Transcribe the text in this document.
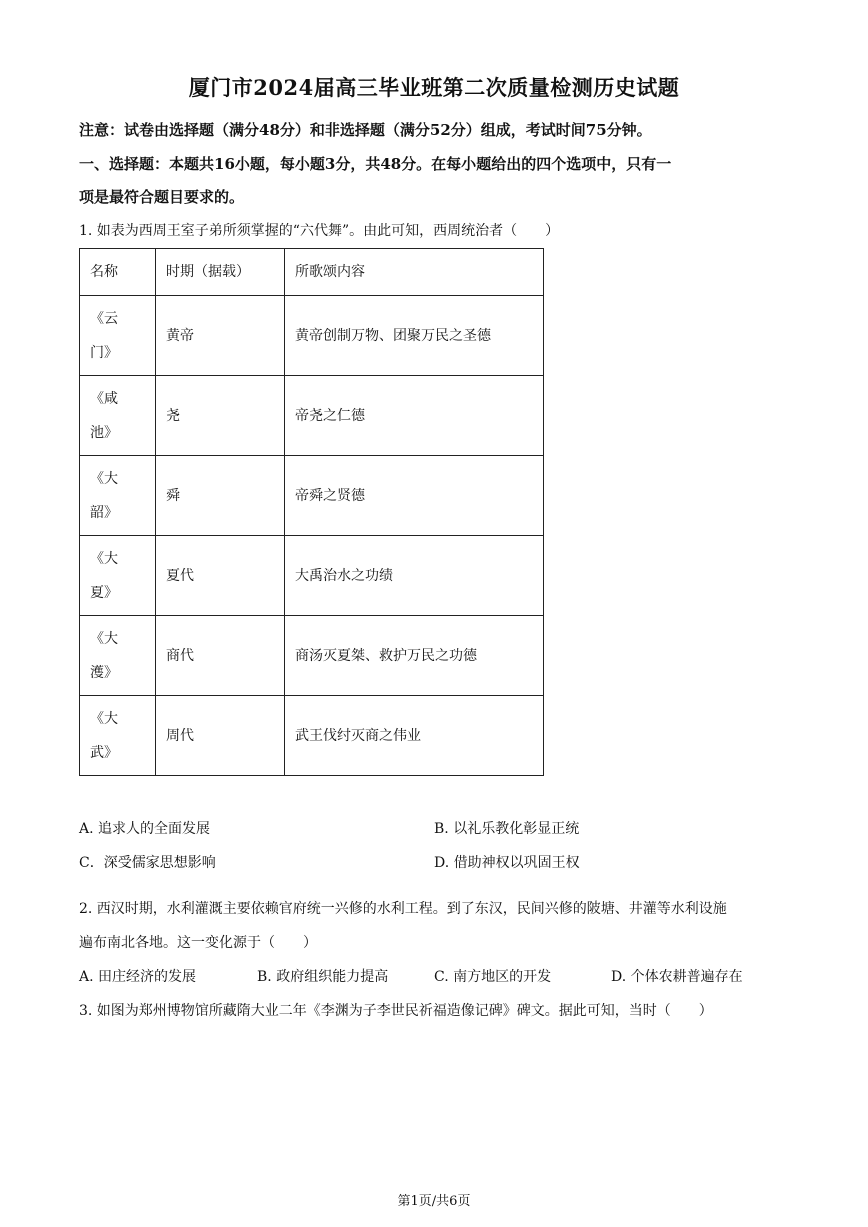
厦门市2024届高三毕业班第二次质量检测历史试题
注意：试卷由选择题（满分48分）和非选择题（满分52分）组成，考试时间75分钟。
一、选择题：本题共16小题，每小题3分，共48分。在每小题给出的四个选项中，只有一
项是最符合题目要求的。
1. 如表为西周王室子弟所须掌握的“六代舞”。由此可知，西周统治者（　　）
名称	时期（据载）	所歌颂内容
《云
门》	黄帝	黄帝创制万物、团聚万民之圣德
《咸
池》	尧	帝尧之仁德
《大
韶》	舜	帝舜之贤德
《大
夏》	夏代	大禹治水之功绩
《大
濩》	商代	商汤灭夏桀、救护万民之功德
《大
武》	周代	武王伐纣灭商之伟业
A. 追求人的全面发展	B. 以礼乐教化彰显正统
C．深受儒家思想影响	D. 借助神权以巩固王权
2. 西汉时期，水利灌溉主要依赖官府统一兴修的水利工程。到了东汉，民间兴修的陂塘、井灌等水利设施
遍布南北各地。这一变化源于（　　）
A. 田庄经济的发展	B. 政府组织能力提高	C. 南方地区的开发	D. 个体农耕普遍存在
3. 如图为郑州博物馆所藏隋大业二年《李渊为子李世民祈福造像记碑》碑文。据此可知，当时（　　）
第1页/共6页
